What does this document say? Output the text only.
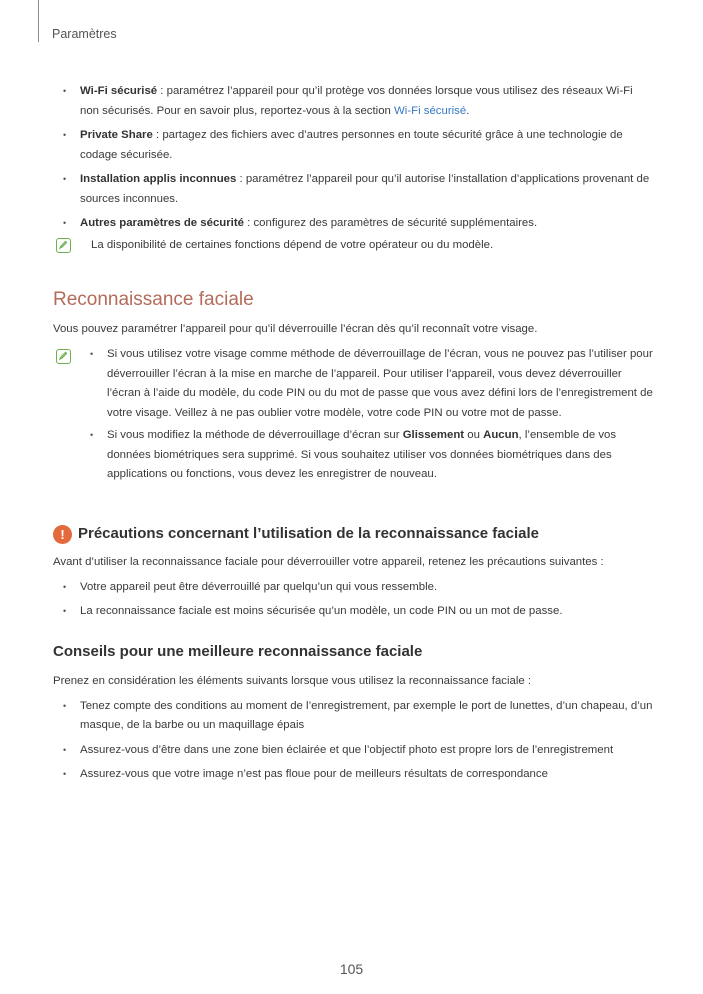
Paramètres
• Wi-Fi sécurisé : paramétrez l’appareil pour qu’il protège vos données lorsque vous utilisez des réseaux Wi-Fi non sécurisés. Pour en savoir plus, reportez-vous à la section Wi-Fi sécurisé.
• Private Share : partagez des fichiers avec d’autres personnes en toute sécurité grâce à une technologie de codage sécurisée.
• Installation applis inconnues : paramétrez l’appareil pour qu’il autorise l’installation d’applications provenant de sources inconnues.
• Autres paramètres de sécurité : configurez des paramètres de sécurité supplémentaires.
La disponibilité de certaines fonctions dépend de votre opérateur ou du modèle.
Reconnaissance faciale
Vous pouvez paramétrer l’appareil pour qu’il déverrouille l’écran dès qu’il reconnaît votre visage.
• Si vous utilisez votre visage comme méthode de déverrouillage de l’écran, vous ne pouvez pas l’utiliser pour déverrouiller l’écran à la mise en marche de l’appareil. Pour utiliser l’appareil, vous devez déverrouiller l’écran à l’aide du modèle, du code PIN ou du mot de passe que vous avez défini lors de l’enregistrement de votre visage. Veillez à ne pas oublier votre modèle, votre code PIN ou votre mot de passe.
• Si vous modifiez la méthode de déverrouillage d’écran sur Glissement ou Aucun, l’ensemble de vos données biométriques sera supprimé. Si vous souhaitez utiliser vos données biométriques dans des applications ou fonctions, vous devez les enregistrer de nouveau.
! Précautions concernant l’utilisation de la reconnaissance faciale
Avant d’utiliser la reconnaissance faciale pour déverrouiller votre appareil, retenez les précautions suivantes :
• Votre appareil peut être déverrouillé par quelqu’un qui vous ressemble.
• La reconnaissance faciale est moins sécurisée qu’un modèle, un code PIN ou un mot de passe.
Conseils pour une meilleure reconnaissance faciale
Prenez en considération les éléments suivants lorsque vous utilisez la reconnaissance faciale :
• Tenez compte des conditions au moment de l’enregistrement, par exemple le port de lunettes, d’un chapeau, d’un masque, de la barbe ou un maquillage épais
• Assurez-vous d’être dans une zone bien éclairée et que l’objectif photo est propre lors de l’enregistrement
• Assurez-vous que votre image n’est pas floue pour de meilleurs résultats de correspondance
105
